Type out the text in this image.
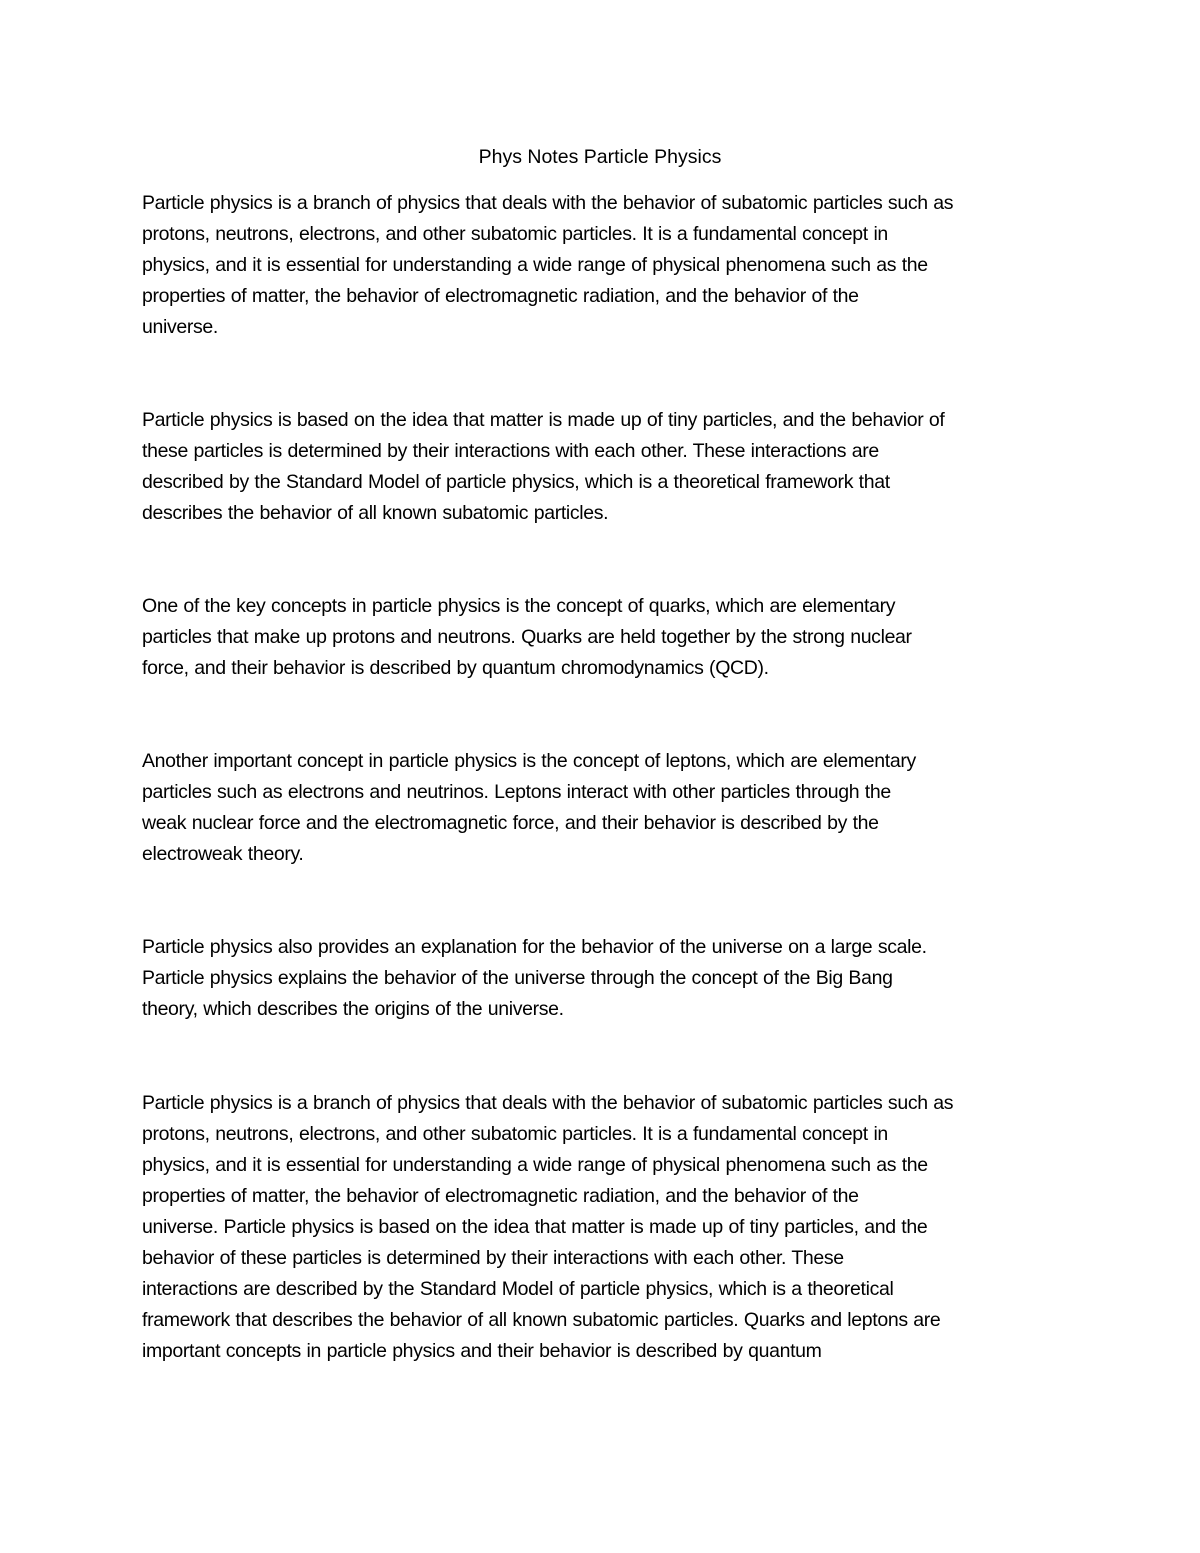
Phys Notes Particle Physics

Particle physics is a branch of physics that deals with the behavior of subatomic particles such as
protons, neutrons, electrons, and other subatomic particles. It is a fundamental concept in
physics, and it is essential for understanding a wide range of physical phenomena such as the
properties of matter, the behavior of electromagnetic radiation, and the behavior of the
universe.

Particle physics is based on the idea that matter is made up of tiny particles, and the behavior of
these particles is determined by their interactions with each other. These interactions are
described by the Standard Model of particle physics, which is a theoretical framework that
describes the behavior of all known subatomic particles.

One of the key concepts in particle physics is the concept of quarks, which are elementary
particles that make up protons and neutrons. Quarks are held together by the strong nuclear
force, and their behavior is described by quantum chromodynamics (QCD).

Another important concept in particle physics is the concept of leptons, which are elementary
particles such as electrons and neutrinos. Leptons interact with other particles through the
weak nuclear force and the electromagnetic force, and their behavior is described by the
electroweak theory.

Particle physics also provides an explanation for the behavior of the universe on a large scale.
Particle physics explains the behavior of the universe through the concept of the Big Bang
theory, which describes the origins of the universe.

Particle physics is a branch of physics that deals with the behavior of subatomic particles such as
protons, neutrons, electrons, and other subatomic particles. It is a fundamental concept in
physics, and it is essential for understanding a wide range of physical phenomena such as the
properties of matter, the behavior of electromagnetic radiation, and the behavior of the
universe. Particle physics is based on the idea that matter is made up of tiny particles, and the
behavior of these particles is determined by their interactions with each other. These
interactions are described by the Standard Model of particle physics, which is a theoretical
framework that describes the behavior of all known subatomic particles. Quarks and leptons are
important concepts in particle physics and their behavior is described by quantum
